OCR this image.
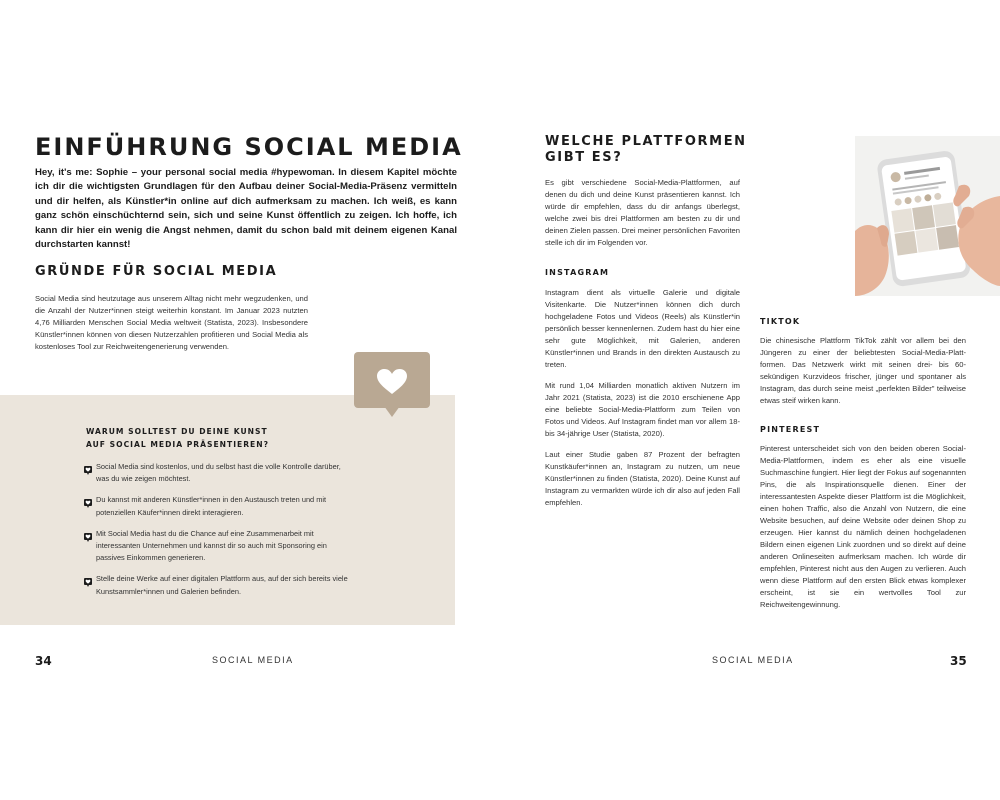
EINFÜHRUNG SOCIAL MEDIA

Hey, it's me: Sophie – your personal social media #hypewoman. In diesem Kapitel möchte ich dir die wichtigsten Grundlagen für den Aufbau deiner Social-Media-Präsenz vermitteln und dir helfen, als Künstler*in online auf dich aufmerksam zu machen. Ich weiß, es kann ganz schön einschüchternd sein, sich und seine Kunst öffentlich zu zeigen. Ich hoffe, ich kann dir hier ein wenig die Angst nehmen, damit du schon bald mit deinem eigenen Kanal durchstarten kannst!

GRÜNDE FÜR SOCIAL MEDIA

Social Media sind heutzutage aus unserem Alltag nicht mehr wegzudenken, und die Anzahl der Nutzer*innen steigt weiterhin konstant. Im Januar 2023 nutzten 4,76 Milliarden Menschen Social Media weltweit (Statista, 2023). Insbesondere Künstler*innen können von diesen Nutzerzahlen profitieren und Social Media als kostenloses Tool zur Reichweitengenerierung verwenden.

WARUM SOLLTEST DU DEINE KUNST
AUF SOCIAL MEDIA PRÄSENTIEREN?
Social Media sind kostenlos, und du selbst hast die volle Kontrolle darüber, was du wie zeigen möchtest.
Du kannst mit anderen Künstler*innen in den Austausch treten und mit potenziellen Käufer*innen direkt interagieren.
Mit Social Media hast du die Chance auf eine Zusammenarbeit mit interessanten Unternehmen und kannst dir so auch mit Sponsoring ein passives Einkommen generieren.
Stelle deine Werke auf einer digitalen Plattform aus, auf der sich bereits viele Kunstsammler*innen und Galerien befinden.
34	SOCIAL MEDIA
WELCHE PLATTFORMEN
GIBT ES?

Es gibt verschiedene Social-Media-Plattformen, auf denen du dich und deine Kunst präsentieren kannst. Ich würde dir empfehlen, dass du dir anfangs überlegst, welche zwei bis drei Plattformen am besten zu dir und deinen Zielen passen. Drei meiner persönlichen Favoriten stelle ich dir im Folgenden vor.

INSTAGRAM

Instagram dient als virtuelle Galerie und digitale Visitenkarte. Die Nutzer*innen können dich durch hochgeladene Fotos und Videos (Reels) als Künstler*in persönlich besser kennenlernen. Zudem hast du hier eine sehr gute Möglichkeit, mit Galerien, anderen Künstler*innen und Brands in den direkten Austausch zu treten.

Mit rund 1,04 Milliarden monatlich aktiven Nutzern im Jahr 2021 (Statista, 2023) ist die 2010 erschienene App eine beliebte Social-Media-Plattform zum Teilen von Fotos und Videos. Auf Instagram findet man vor allem 18- bis 34-jährige User (Statista, 2020).

Laut einer Studie gaben 87 Prozent der befragten Kunstkäufer*innen an, Instagram zu nutzen, um neue Künstler*innen zu finden (Statista, 2020). Deine Kunst auf Instagram zu vermarkten würde ich dir also auf jeden Fall empfehlen.

TIKTOK

Die chinesische Plattform TikTok zählt vor allem bei den Jüngeren zu einer der beliebtesten Social-Media-Plattformen. Das Netzwerk wirkt mit seinen drei- bis 60-sekündigen Kurzvideos frischer, jünger und spontaner als Instagram, das durch seine meist „perfekten Bilder" teilweise etwas steif wirken kann.

PINTEREST

Pinterest unterscheidet sich von den beiden oberen Social-Media-Plattformen, indem es eher als eine visuelle Suchmaschine fungiert. Hier liegt der Fokus auf sogenannten Pins, die als Inspirationsquelle dienen. Einer der interessantesten Aspekte dieser Plattform ist die Möglichkeit, einen hohen Traffic, also die Anzahl von Nutzern, die eine Website besuchen, auf deine Website oder deinen Shop zu erzeugen. Hier kannst du nämlich deinen hochgeladenen Bildern einen eigenen Link zuordnen und so direkt auf deine anderen Onlineseiten aufmerksam machen. Ich würde dir empfehlen, Pinterest nicht aus den Augen zu verlieren. Auch wenn diese Plattform auf den ersten Blick etwas komplexer erscheint, ist sie ein wertvolles Tool zur Reichweitengewinnung.

SOCIAL MEDIA	35
